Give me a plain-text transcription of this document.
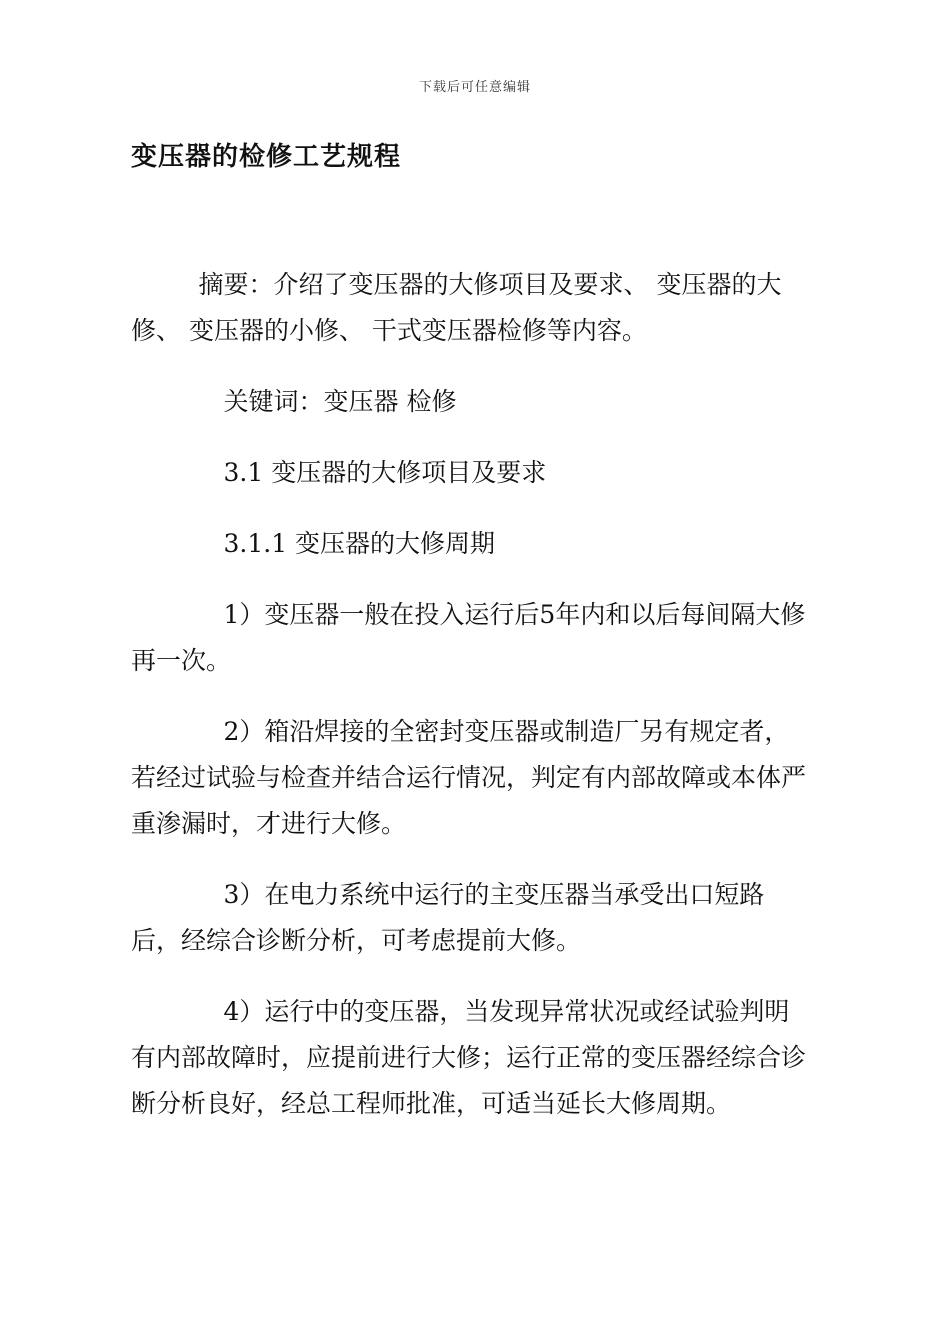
下载后可任意编辑
变压器的检修工艺规程

摘要：介绍了变压器的大修项目及要求、 变压器的大修、 变压器的小修、 干式变压器检修等内容。

关键词：变压器 检修

3.1 变压器的大修项目及要求

3.1.1 变压器的大修周期

1）变压器一般在投入运行后5年内和以后每间隔大修再一次。

2）箱沿焊接的全密封变压器或制造厂另有规定者，若经过试验与检查并结合运行情况，判定有内部故障或本体严重渗漏时，才进行大修。

3）在电力系统中运行的主变压器当承受出口短路后，经综合诊断分析，可考虑提前大修。

4）运行中的变压器，当发现异常状况或经试验判明有内部故障时，应提前进行大修；运行正常的变压器经综合诊断分析良好，经总工程师批准，可适当延长大修周期。
